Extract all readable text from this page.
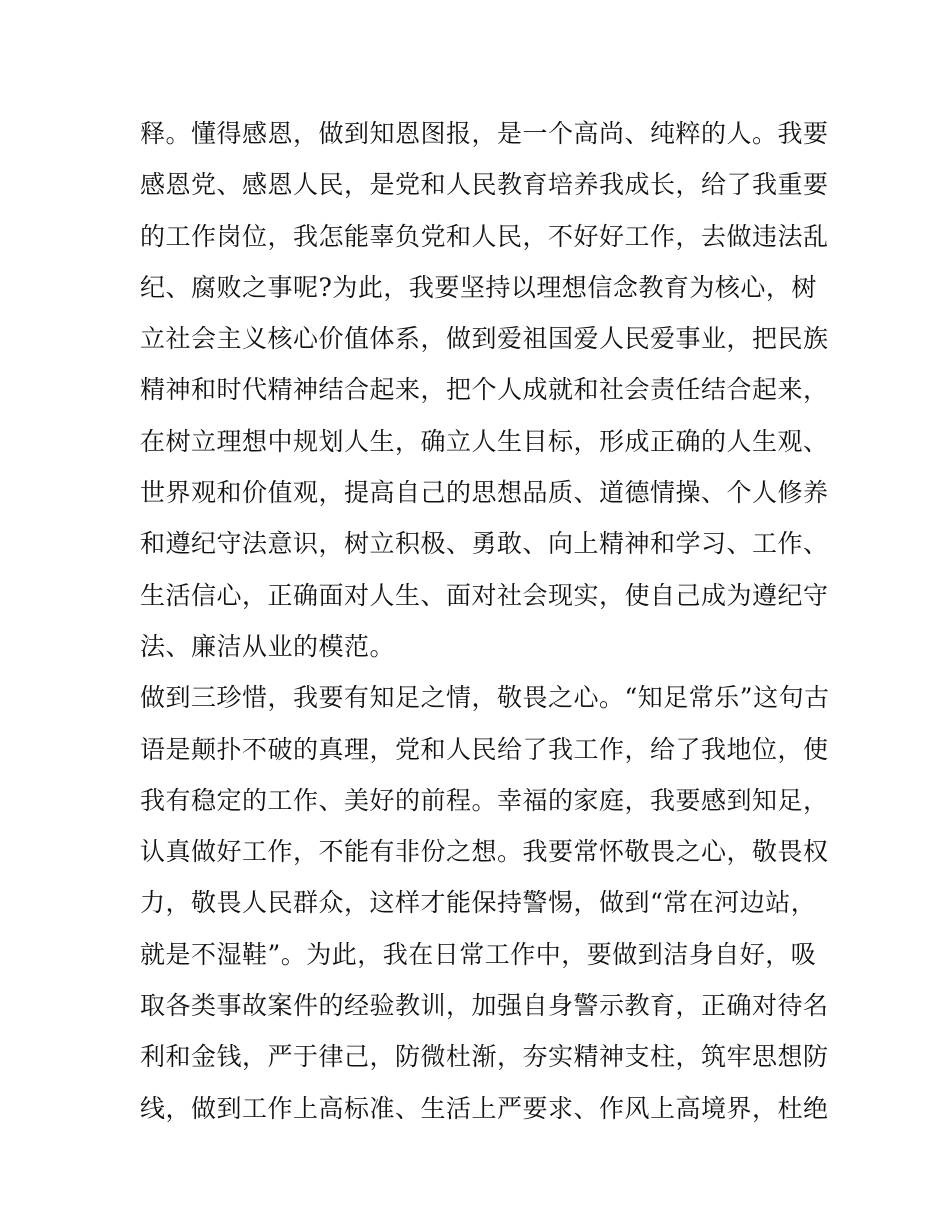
释。懂得感恩，做到知恩图报，是一个高尚、纯粹的人。我要
感恩党、感恩人民，是党和人民教育培养我成长，给了我重要
的工作岗位，我怎能辜负党和人民，不好好工作，去做违法乱
纪、腐败之事呢?为此，我要坚持以理想信念教育为核心，树
立社会主义核心价值体系，做到爱祖国爱人民爱事业，把民族
精神和时代精神结合起来，把个人成就和社会责任结合起来，
在树立理想中规划人生，确立人生目标，形成正确的人生观、
世界观和价值观，提高自己的思想品质、道德情操、个人修养
和遵纪守法意识，树立积极、勇敢、向上精神和学习、工作、
生活信心，正确面对人生、面对社会现实，使自己成为遵纪守
法、廉洁从业的模范。
做到三珍惜，我要有知足之情，敬畏之心。“知足常乐”这句古
语是颠扑不破的真理，党和人民给了我工作，给了我地位，使
我有稳定的工作、美好的前程。幸福的家庭，我要感到知足，
认真做好工作，不能有非份之想。我要常怀敬畏之心，敬畏权
力，敬畏人民群众，这样才能保持警惕，做到“常在河边站，
就是不湿鞋”。为此，我在日常工作中，要做到洁身自好，吸
取各类事故案件的经验教训，加强自身警示教育，正确对待名
利和金钱，严于律己，防微杜渐，夯实精神支柱，筑牢思想防
线，做到工作上高标准、生活上严要求、作风上高境界，杜绝
